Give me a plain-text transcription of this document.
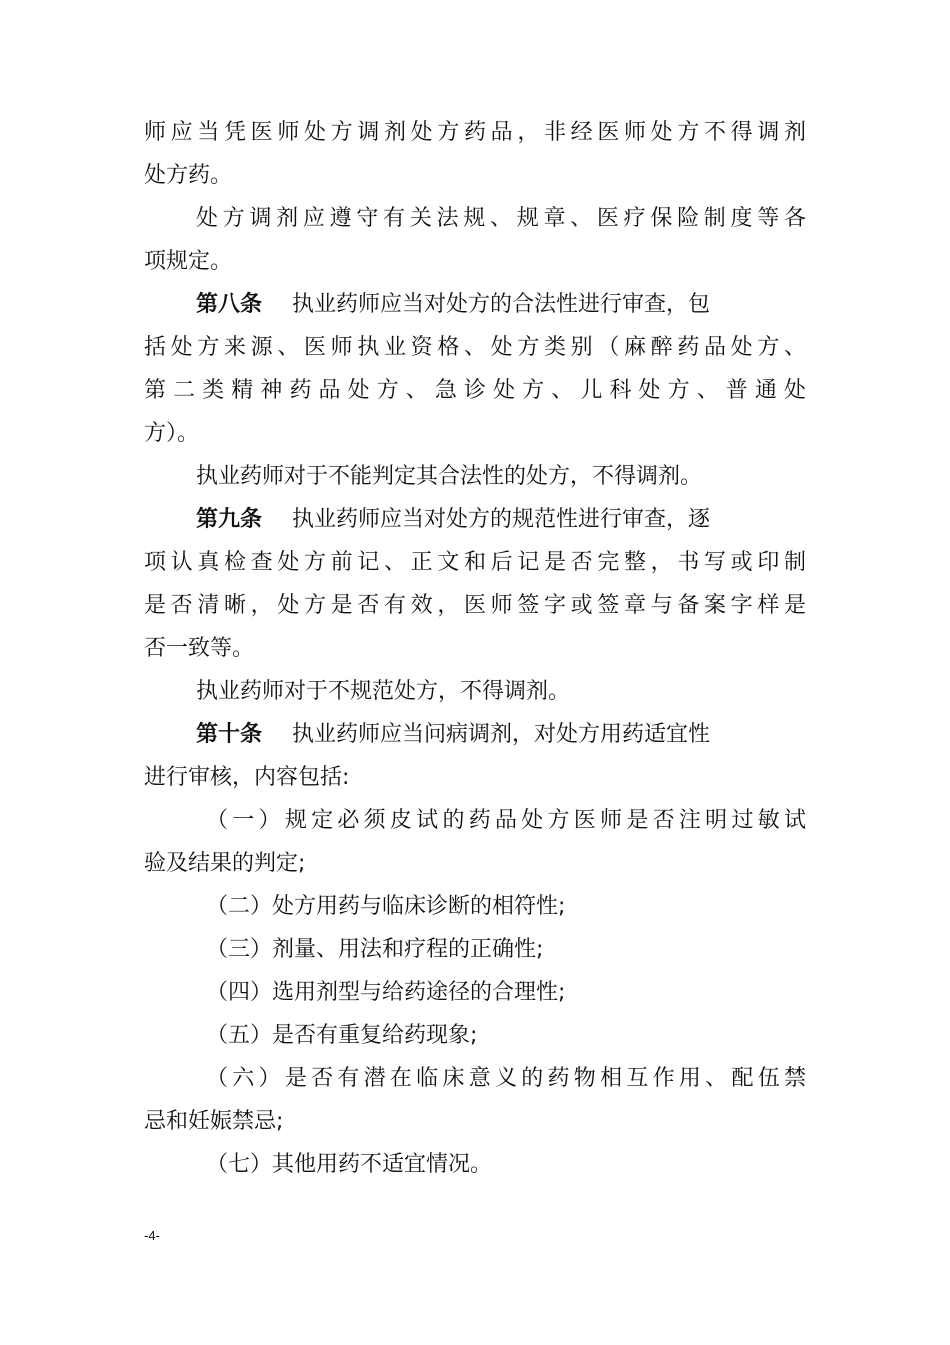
师应当凭医师处方调剂处方药品，非经医师处方不得调剂
处方药。
处方调剂应遵守有关法规、规章、医疗保险制度等各
项规定。
第八条 执业药师应当对处方的合法性进行审查，包
括处方来源、医师执业资格、处方类别（麻醉药品处方、
第二类精神药品处方、急诊处方、儿科处方、普通处
方）。
执业药师对于不能判定其合法性的处方，不得调剂。
第九条 执业药师应当对处方的规范性进行审查，逐
项认真检查处方前记、正文和后记是否完整，书写或印制
是否清晰，处方是否有效，医师签字或签章与备案字样是
否一致等。
执业药师对于不规范处方，不得调剂。
第十条 执业药师应当问病调剂，对处方用药适宜性
进行审核，内容包括:
（一）规定必须皮试的药品处方医师是否注明过敏试
验及结果的判定;
（二）处方用药与临床诊断的相符性;
（三）剂量、用法和疗程的正确性;
（四）选用剂型与给药途径的合理性;
（五）是否有重复给药现象;
（六）是否有潜在临床意义的药物相互作用、配伍禁
忌和妊娠禁忌;
（七）其他用药不适宜情况。
-4-
